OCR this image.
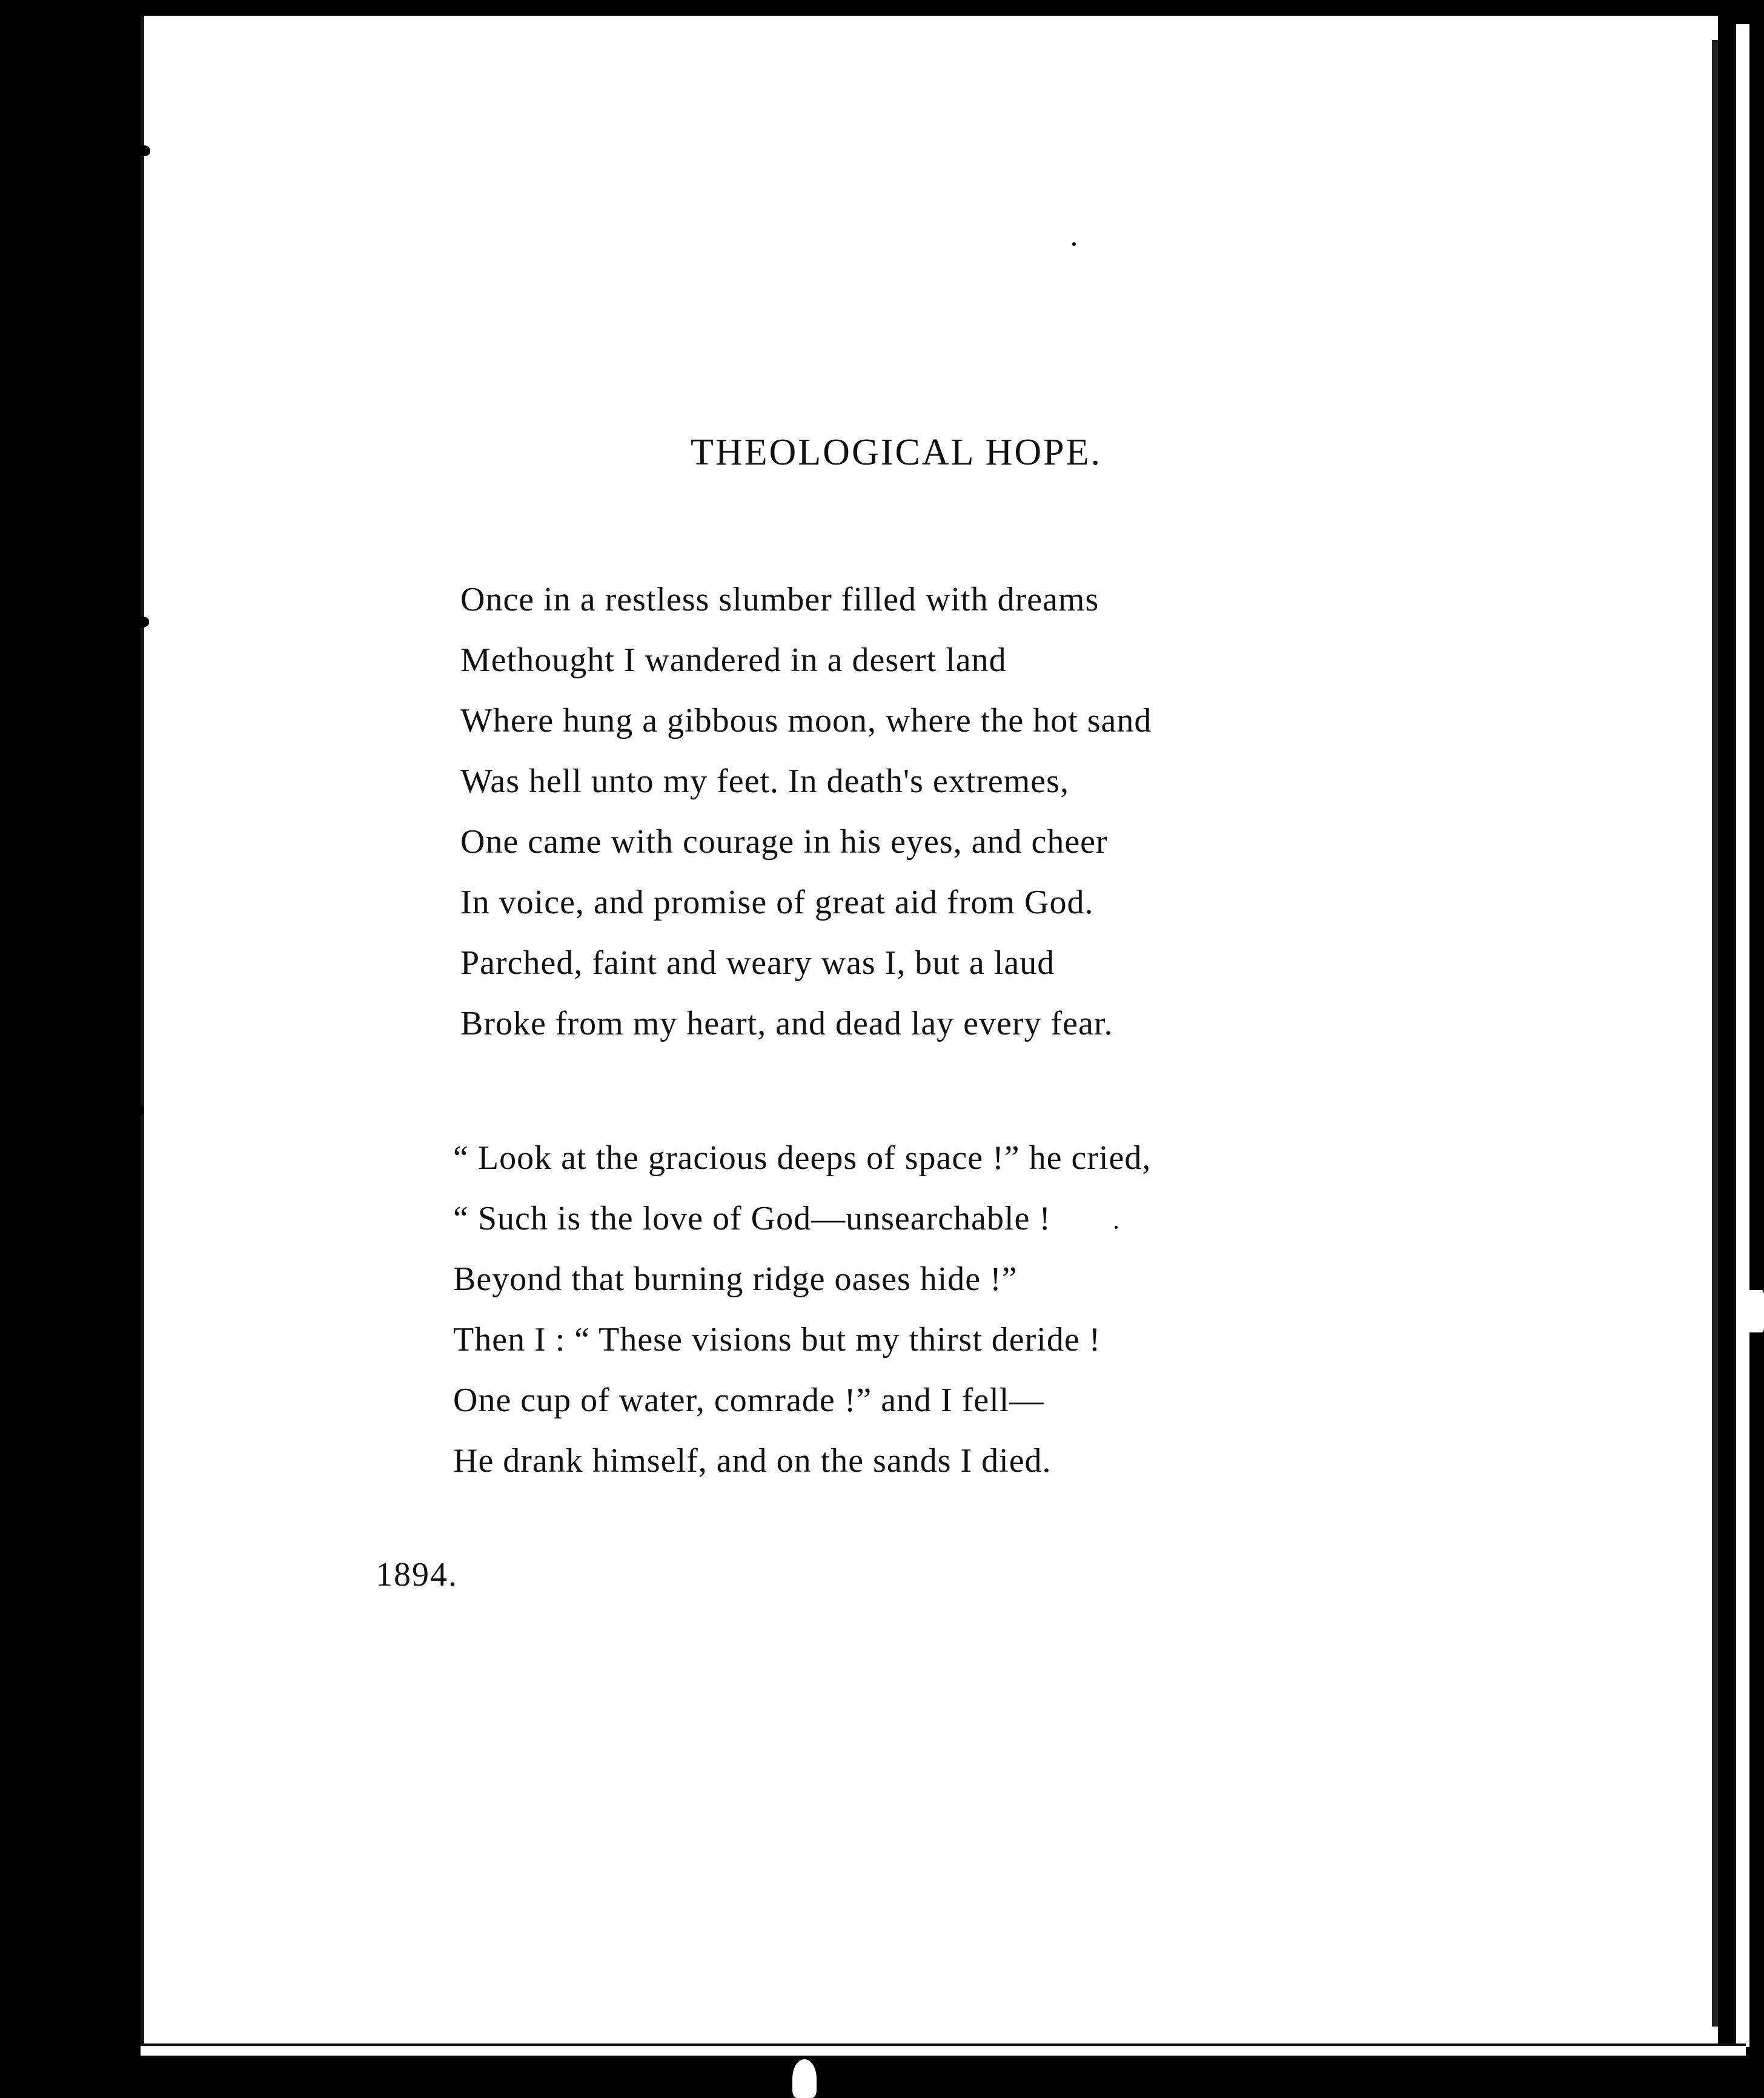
THEOLOGICAL HOPE.
Once in a restless slumber filled with dreams
Methought I wandered in a desert land
Where hung a gibbous moon, where the hot sand
Was hell unto my feet. In death's extremes,
One came with courage in his eyes, and cheer
In voice, and promise of great aid from God.
Parched, faint and weary was I, but a laud
Broke from my heart, and dead lay every fear.
“ Look at the gracious deeps of space !” he cried,
“ Such is the love of God—unsearchable !
Beyond that burning ridge oases hide !”
Then I : “ These visions but my thirst deride !
One cup of water, comrade !” and I fell—
He drank himself, and on the sands I died.
1894.
